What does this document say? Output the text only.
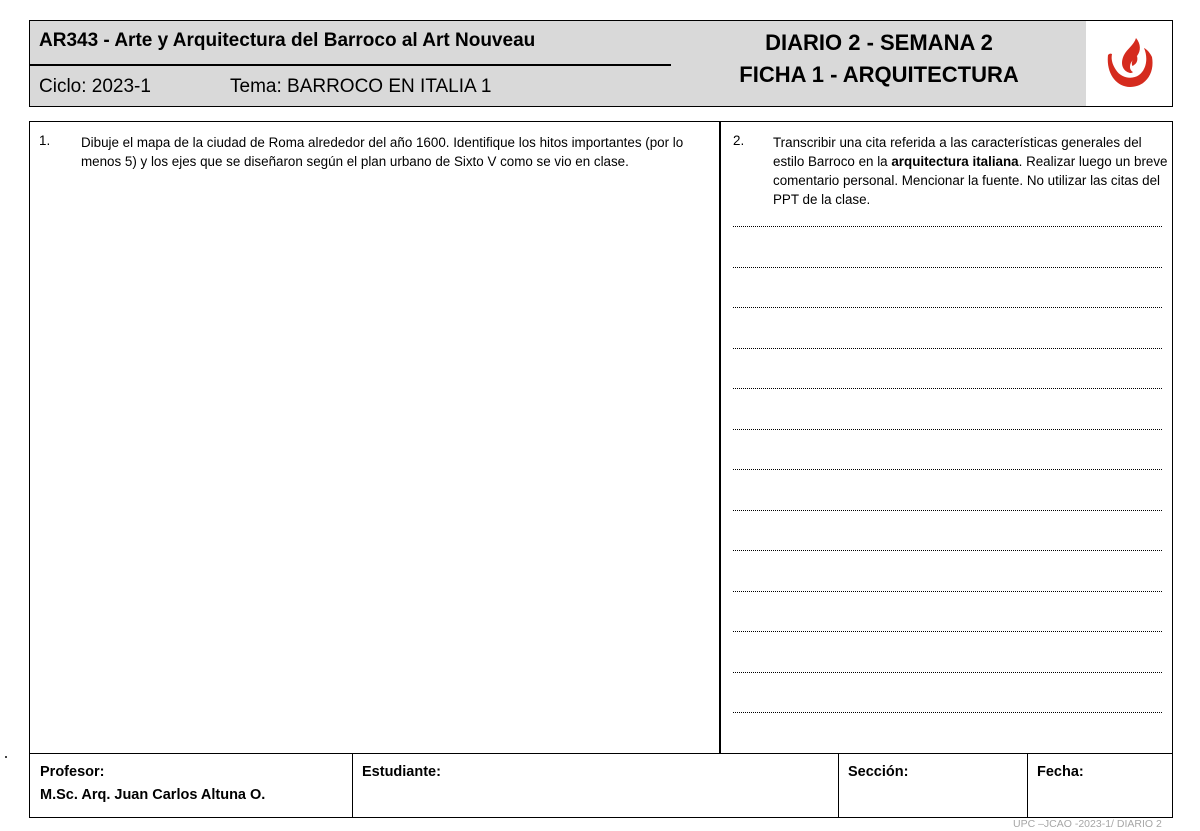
AR343 - Arte y Arquitectura del Barroco al Art Nouveau
Ciclo: 2023-1	Tema: BARROCO EN ITALIA 1
DIARIO 2 - SEMANA 2
FICHA 1 - ARQUITECTURA
1. Dibuje el mapa de la ciudad de Roma alrededor del año 1600. Identifique los hitos importantes (por lo menos 5) y los ejes que se diseñaron según el plan urbano de Sixto V como se vio en clase.
2. Transcribir una cita referida a las características generales del estilo Barroco en la arquitectura italiana. Realizar luego un breve comentario personal. Mencionar la fuente. No utilizar las citas del PPT de la clase.
Profesor:
M.Sc. Arq. Juan Carlos Altuna O.
Estudiante:	Sección:	Fecha:
UPC –JCAO -2023-1/ DIARIO 2
